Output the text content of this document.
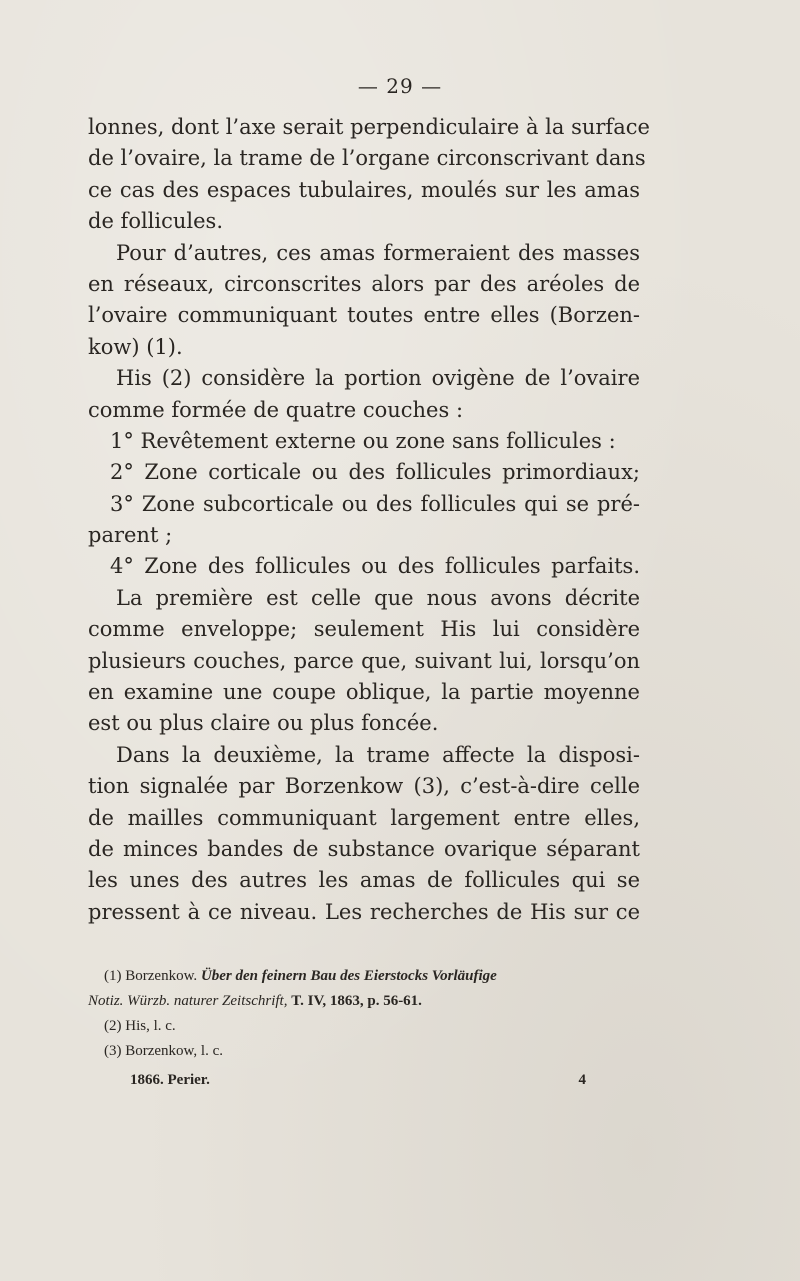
— 29 —
lonnes, dont l’axe serait perpendiculaire à la surface
de l’ovaire, la trame de l’organe circonscrivant dans
ce cas des espaces tubulaires, moulés sur les amas
de follicules.
Pour d’autres, ces amas formeraient des masses
en réseaux, circonscrites alors par des aréoles de
l’ovaire communiquant toutes entre elles (Borzen-
kow) (1).
His (2) considère la portion ovigène de l’ovaire
comme formée de quatre couches :
1° Revêtement externe ou zone sans follicules :
2° Zone corticale ou des follicules primordiaux;
3° Zone subcorticale ou des follicules qui se pré-
parent ;
4° Zone des follicules ou des follicules parfaits.
La première est celle que nous avons décrite
comme enveloppe; seulement His lui considère
plusieurs couches, parce que, suivant lui, lorsqu’on
en examine une coupe oblique, la partie moyenne
est ou plus claire ou plus foncée.
Dans la deuxième, la trame affecte la disposi-
tion signalée par Borzenkow (3), c’est-à-dire celle
de mailles communiquant largement entre elles,
de minces bandes de substance ovarique séparant
les unes des autres les amas de follicules qui se
pressent à ce niveau. Les recherches de His sur ce
(1) Borzenkow. Über den feinern Bau des Eierstocks Vorläufige
Notiz. Würzb. naturer Zeitschrift, T. IV, 1863, p. 56-61.
(2) His, l. c.
(3) Borzenkow, l. c.
1866. Perier.	4
